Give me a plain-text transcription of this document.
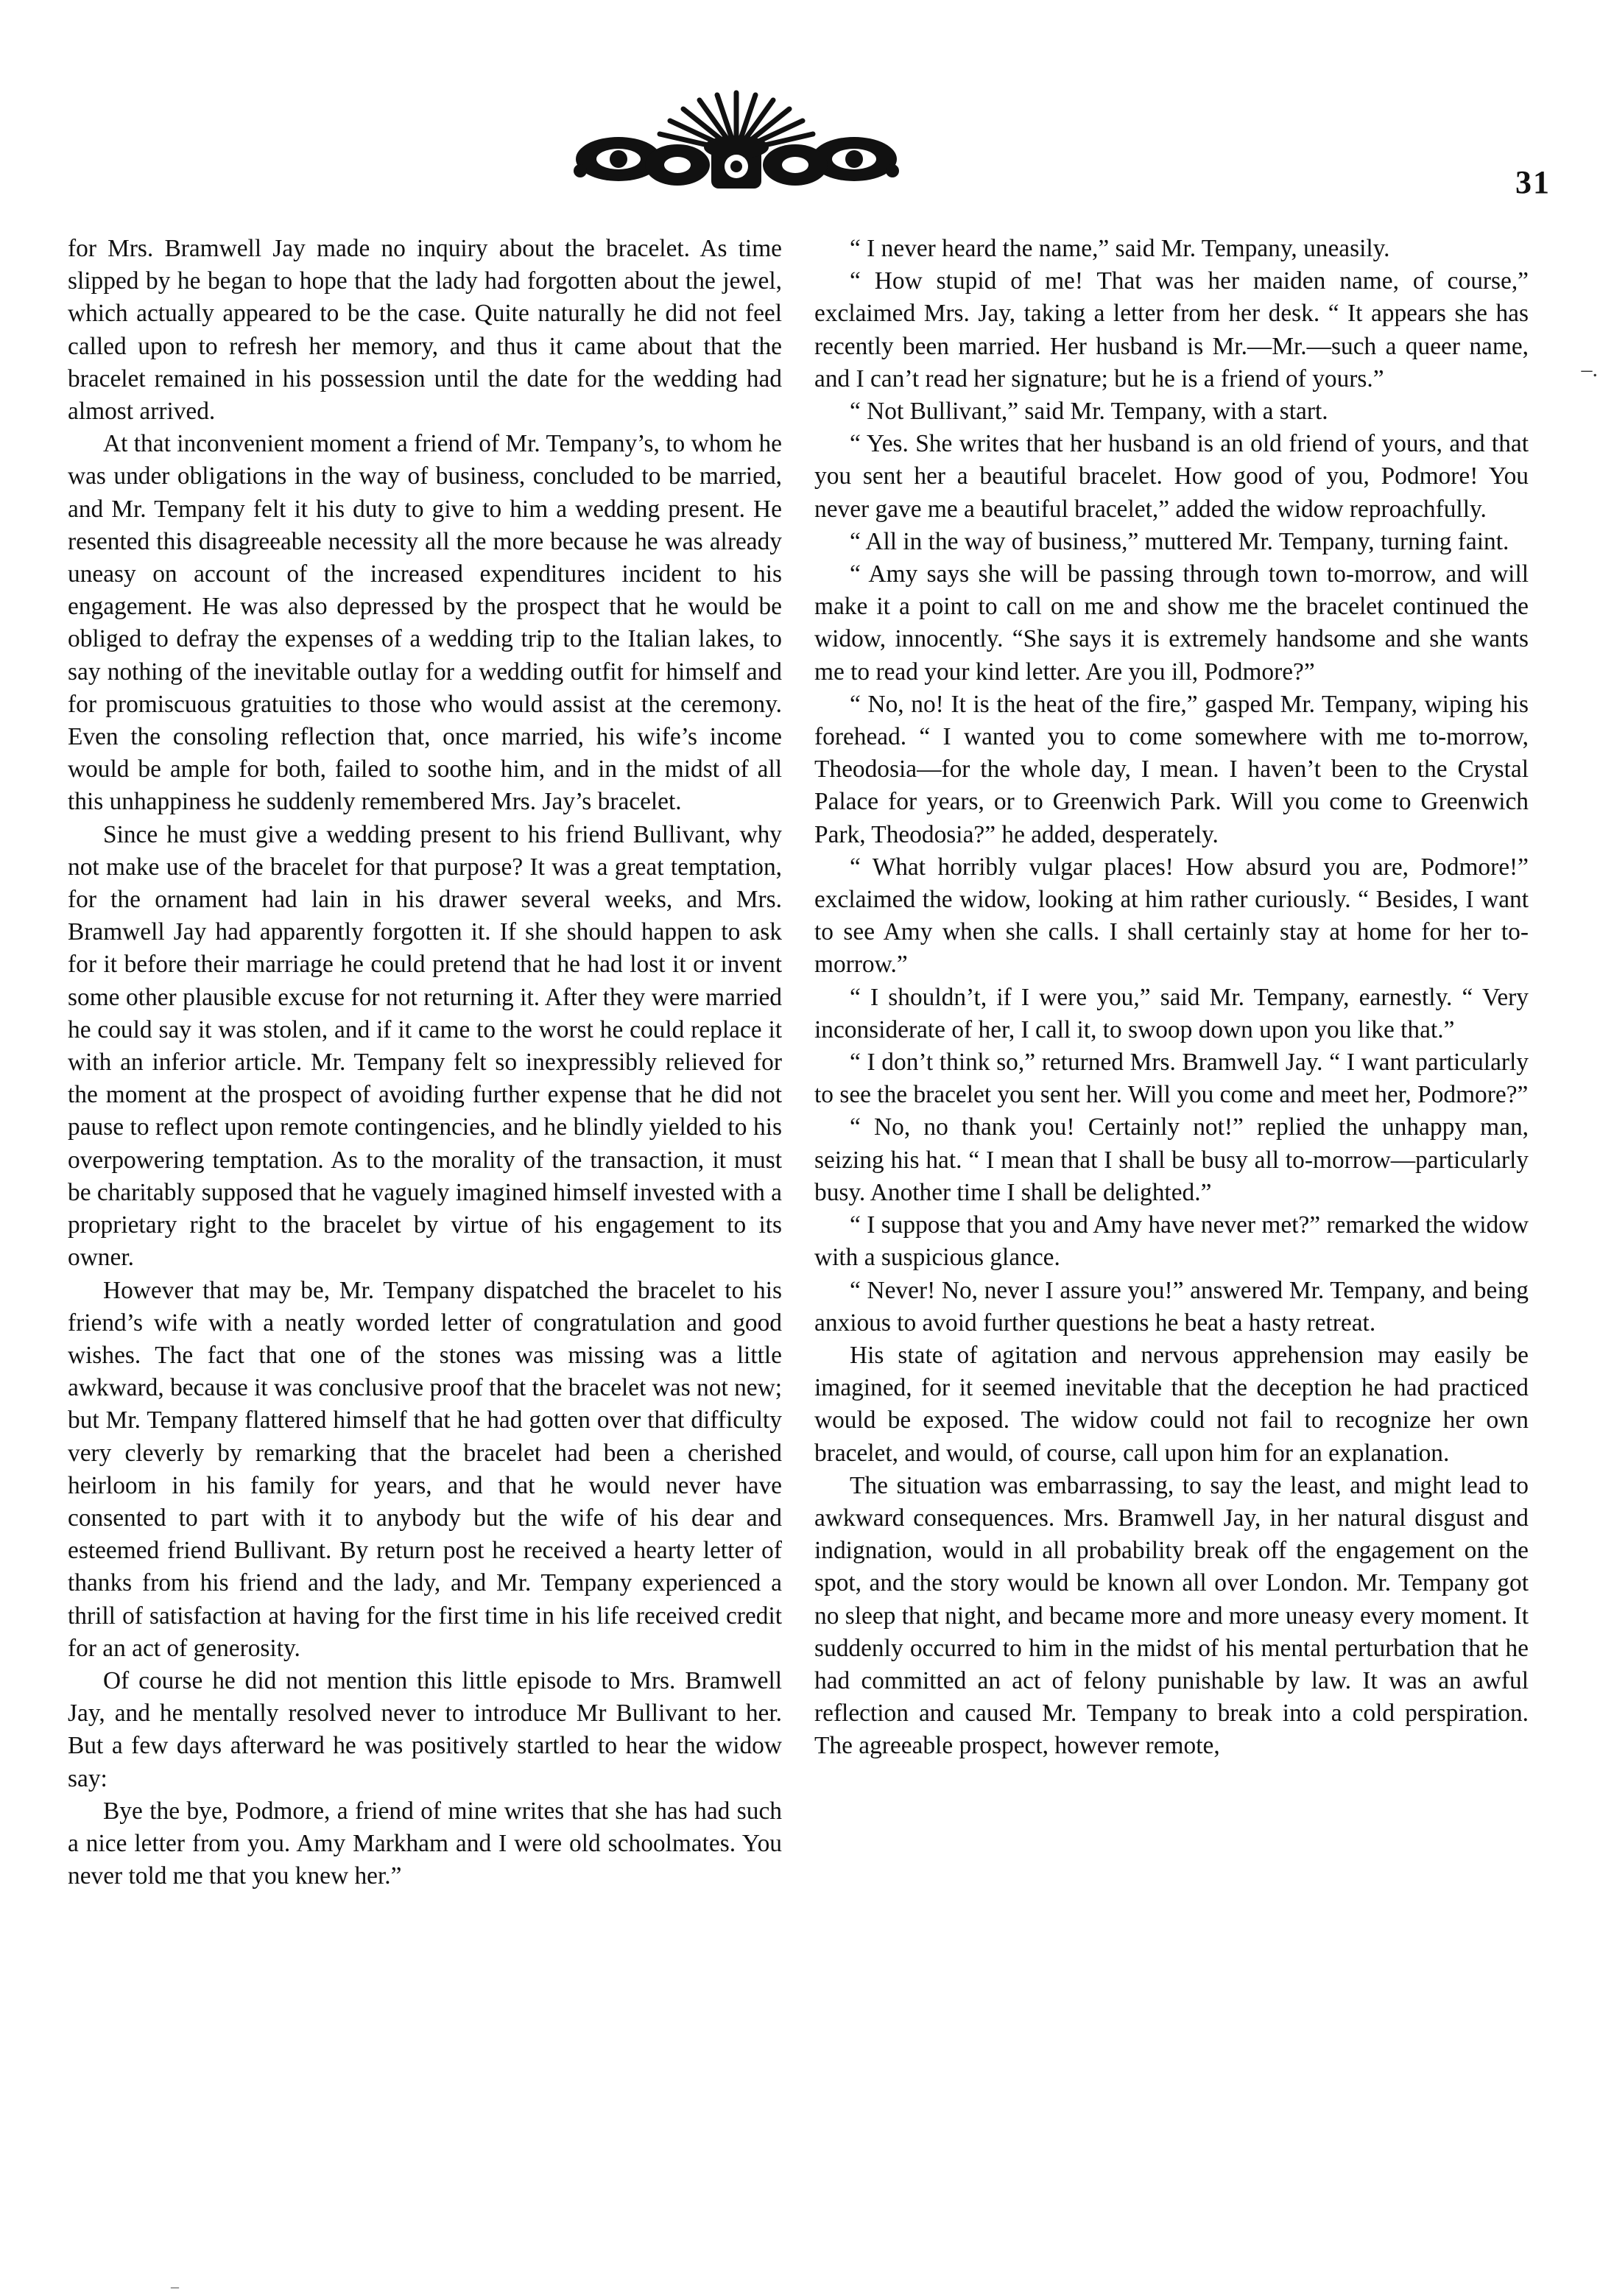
31

for Mrs. Bramwell Jay made no inquiry about the bracelet. As time slipped by he began to hope that the lady had forgotten about the jewel, which actually appeared to be the case. Quite naturally he did not feel called upon to refresh her memory, and thus it came about that the bracelet remained in his possession until the date for the wedding had almost arrived.

At that inconvenient moment a friend of Mr. Tempany’s, to whom he was under obligations in the way of business, concluded to be married, and Mr. Tempany felt it his duty to give to him a wedding present. He resented this disagreeable necessity all the more because he was already uneasy on account of the increased expenditures incident to his engagement. He was also depressed by the prospect that he would be obliged to defray the expenses of a wedding trip to the Italian lakes, to say nothing of the inevitable outlay for a wedding outfit for himself and for promiscuous gratuities to those who would assist at the ceremony. Even the consoling reflection that, once married, his wife’s income would be ample for both, failed to soothe him, and in the midst of all this unhappiness he suddenly remembered Mrs. Jay’s bracelet.

Since he must give a wedding present to his friend Bullivant, why not make use of the bracelet for that purpose? It was a great temptation, for the ornament had lain in his drawer several weeks, and Mrs. Bramwell Jay had apparently forgotten it. If she should happen to ask for it before their marriage he could pretend that he had lost it or invent some other plausible excuse for not returning it. After they were married he could say it was stolen, and if it came to the worst he could replace it with an inferior article. Mr. Tempany felt so inexpressibly relieved for the moment at the prospect of avoiding further expense that he did not pause to reflect upon remote contingencies, and he blindly yielded to his overpowering temptation. As to the morality of the transaction, it must be charitably supposed that he vaguely imagined himself invested with a proprietary right to the bracelet by virtue of his engagement to its owner.

However that may be, Mr. Tempany dispatched the bracelet to his friend’s wife with a neatly worded letter of congratulation and good wishes. The fact that one of the stones was missing was a little awkward, because it was conclusive proof that the bracelet was not new; but Mr. Tempany flattered himself that he had gotten over that difficulty very cleverly by remarking that the bracelet had been a cherished heirloom in his family for years, and that he would never have consented to part with it to anybody but the wife of his dear and esteemed friend Bullivant. By return post he received a hearty letter of thanks from his friend and the lady, and Mr. Tempany experienced a thrill of satisfaction at having for the first time in his life received credit for an act of generosity.

Of course he did not mention this little episode to Mrs. Bramwell Jay, and he mentally resolved never to introduce Mr Bullivant to her. But a few days afterward he was positively startled to hear the widow say:

Bye the bye, Podmore, a friend of mine writes that she has had such a nice letter from you. Amy Markham and I were old schoolmates. You never told me that you knew her.”

“ I never heard the name,” said Mr. Tempany, uneasily.

“ How stupid of me! That was her maiden name, of course,” exclaimed Mrs. Jay, taking a letter from her desk. “ It appears she has recently been married. Her husband is Mr.—Mr.—such a queer name, and I can’t read her signature; but he is a friend of yours.”

“ Not Bullivant,” said Mr. Tempany, with a start.

“ Yes. She writes that her husband is an old friend of yours, and that you sent her a beautiful bracelet. How good of you, Podmore! You never gave me a beautiful bracelet,” added the widow reproachfully.

“ All in the way of business,” muttered Mr. Tempany, turning faint.

“ Amy says she will be passing through town to-morrow, and will make it a point to call on me and show me the bracelet continued the widow, innocently. “She says it is extremely handsome and she wants me to read your kind letter. Are you ill, Podmore?”

“ No, no! It is the heat of the fire,” gasped Mr. Tempany, wiping his forehead. “ I wanted you to come somewhere with me to-morrow, Theodosia—for the whole day, I mean. I haven’t been to the Crystal Palace for years, or to Greenwich Park. Will you come to Greenwich Park, Theodosia?” he added, desperately.

“ What horribly vulgar places! How absurd you are, Podmore!” exclaimed the widow, looking at him rather curiously. “ Besides, I want to see Amy when she calls. I shall certainly stay at home for her to-morrow.”

“ I shouldn’t, if I were you,” said Mr. Tempany, earnestly. “ Very inconsiderate of her, I call it, to swoop down upon you like that.”

“ I don’t think so,” returned Mrs. Bramwell Jay. “ I want particularly to see the bracelet you sent her. Will you come and meet her, Podmore?”

“ No, no thank you! Certainly not!” replied the unhappy man, seizing his hat. “ I mean that I shall be busy all to-morrow—particularly busy. Another time I shall be delighted.”

“ I suppose that you and Amy have never met?” remarked the widow with a suspicious glance.

“ Never! No, never I assure you!” answered Mr. Tempany, and being anxious to avoid further questions he beat a hasty retreat.

His state of agitation and nervous apprehension may easily be imagined, for it seemed inevitable that the deception he had practiced would be exposed. The widow could not fail to recognize her own bracelet, and would, of course, call upon him for an explanation.

The situation was embarrassing, to say the least, and might lead to awkward consequences. Mrs. Bramwell Jay, in her natural disgust and indignation, would in all probability break off the engagement on the spot, and the story would be known all over London. Mr. Tempany got no sleep that night, and became more and more uneasy every moment. It suddenly occurred to him in the midst of his mental perturbation that he had committed an act of felony punishable by law. It was an awful reflection and caused Mr. Tempany to break into a cold perspiration. The agreeable prospect, however remote,

–.
–
